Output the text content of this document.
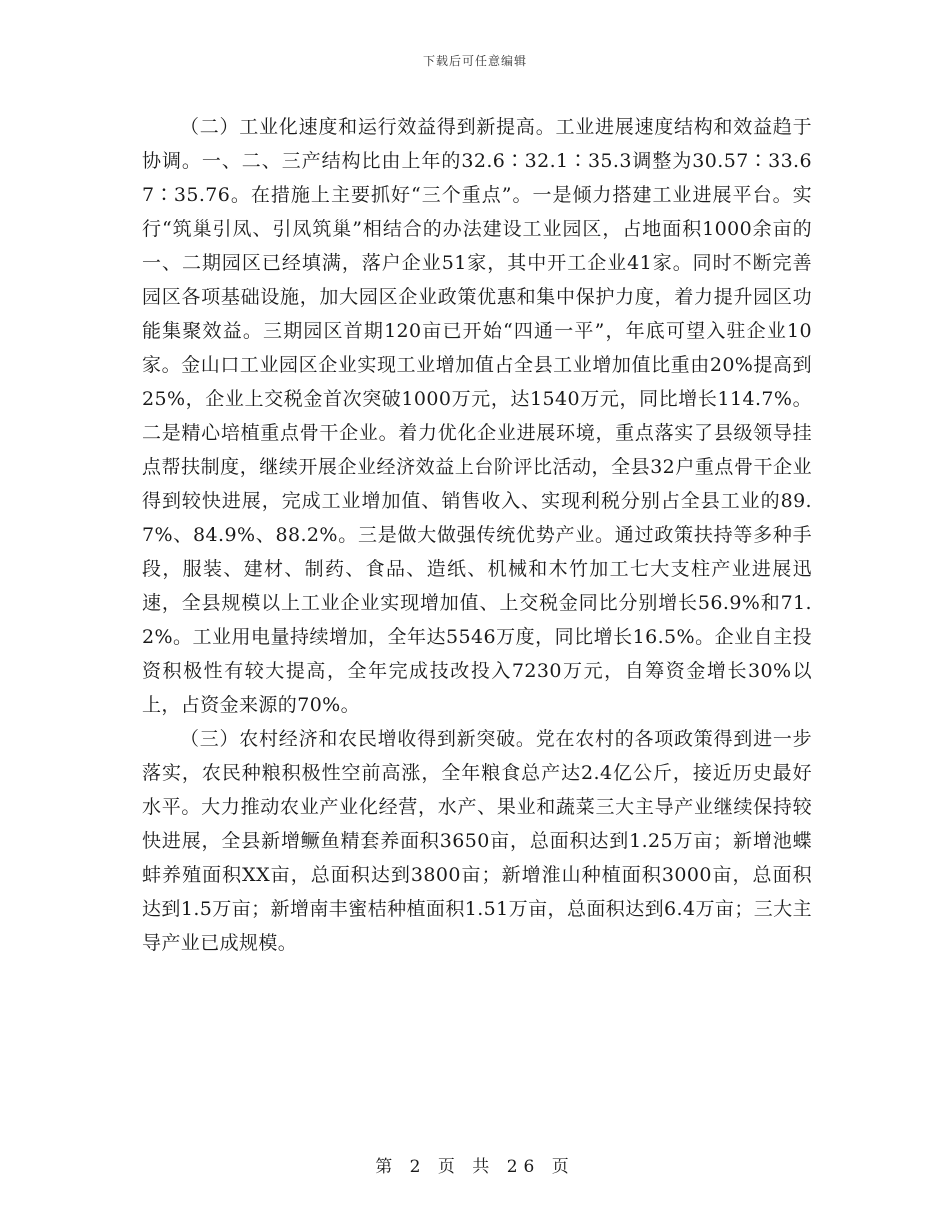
下载后可任意编辑

（二）工业化速度和运行效益得到新提高。工业进展速度结构和效益趋于协调。一、二、三产结构比由上年的32.6∶32.1∶35.3调整为30.57∶33.67∶35.76。在措施上主要抓好“三个重点”。一是倾力搭建工业进展平台。实行“筑巢引凤、引凤筑巢”相结合的办法建设工业园区，占地面积1000余亩的一、二期园区已经填满，落户企业51家，其中开工企业41家。同时不断完善园区各项基础设施，加大园区企业政策优惠和集中保护力度，着力提升园区功能集聚效益。三期园区首期120亩已开始“四通一平”，年底可望入驻企业10家。金山口工业园区企业实现工业增加值占全县工业增加值比重由20%提高到25%，企业上交税金首次突破1000万元，达1540万元，同比增长114.7%。二是精心培植重点骨干企业。着力优化企业进展环境，重点落实了县级领导挂点帮扶制度，继续开展企业经济效益上台阶评比活动，全县32户重点骨干企业得到较快进展，完成工业增加值、销售收入、实现利税分别占全县工业的89.7%、84.9%、88.2%。三是做大做强传统优势产业。通过政策扶持等多种手段，服装、建材、制药、食品、造纸、机械和木竹加工七大支柱产业进展迅速，全县规模以上工业企业实现增加值、上交税金同比分别增长56.9%和71.2%。工业用电量持续增加，全年达5546万度，同比增长16.5%。企业自主投资积极性有较大提高，全年完成技改投入7230万元，自筹资金增长30%以上，占资金来源的70%。

（三）农村经济和农民增收得到新突破。党在农村的各项政策得到进一步落实，农民种粮积极性空前高涨，全年粮食总产达2.4亿公斤，接近历史最好水平。大力推动农业产业化经营，水产、果业和蔬菜三大主导产业继续保持较快进展，全县新增鳜鱼精套养面积3650亩，总面积达到1.25万亩；新增池蝶蚌养殖面积XX亩，总面积达到3800亩；新增淮山种植面积3000亩，总面积达到1.5万亩；新增南丰蜜桔种植面积1.51万亩，总面积达到6.4万亩；三大主导产业已成规模。

第 2 页 共 26 页
